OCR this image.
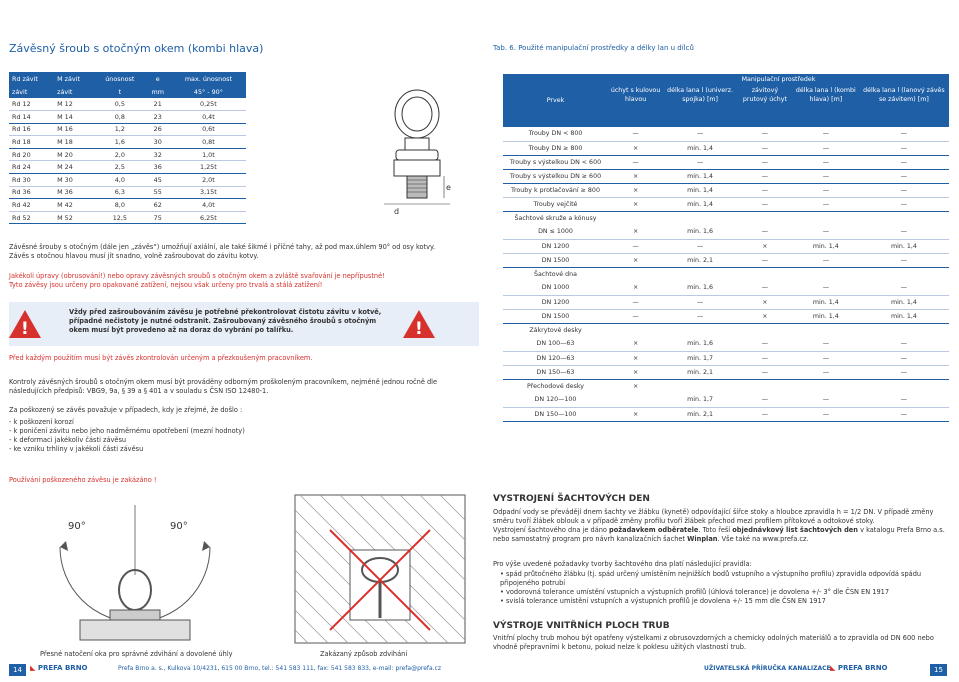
Závěsný šroub s otočným okem (kombi hlava)	Tab. 6. Použité manipulační prostředky a délky lan u dílců
Rd závit	M závit	únosnost	e	max. únosnost
závit	závit	t	mm	45° - 90°
Rd 12	M 12	0,5	21	0,25t
Rd 14	M 14	0,8	23	0,4t
Rd 16	M 16	1,2	26	0,6t
Rd 18	M 18	1,6	30	0,8t
Rd 20	M 20	2,0	32	1,0t
Rd 24	M 24	2,5	36	1,25t
Rd 30	M 30	4,0	45	2,0t
Rd 36	M 36	6,3	55	3,15t
Rd 42	M 42	8,0	62	4,0t
Rd 52	M 52	12,5	75	6,25t
e
d
Závěsné šrouby s otočným (dále jen „závěs“) umožňují axiální, ale také šikmé i příčné tahy, až pod max.úhlem 90° od osy kotvy.
Závěs s otočnou hlavou musí jít snadno, volně zašroubovat do závitu kotvy.
Jakékoli úpravy (obrusování!) nebo opravy závěsných sroubů s otočným okem a zvláště svařování je nepřípustné!
Tyto závěsy jsou určeny pro opakované zatížení, nejsou však určeny pro trvalá a stálá zatížení!
!	!
Vždy před zašroubováním závěsu je potřebné překontrolovat čistotu závitu v kotvě, případné nečistoty je nutné odstranit. Zašroubovaný závěsného šroubů s otočným okem musí být provedeno až na doraz do vybrání po talířku.
Před každým použitím musí být závěs zkontrolován určeným a přezkoušeným pracovníkem.
Kontroly závěsných šroubů s otočným okem musí být prováděny odborným proškoleným pracovníkem, nejméně jednou ročně dle následujících předpisů: VBG9, 9a, § 39 a § 401 a v souladu s ČSN ISO 12480-1.
Za poškozený se závěs považuje v případech, kdy je zřejmé, že došlo :
- k poškození korozí
- k poničení závitu nebo jeho nadměrnému opotřebení (mezní hodnoty)
- k deformaci jakékoliv části závěsu
- ke vzniku trhliny v jakékoli části závěsu
Používání poškozeného závěsu je zakázáno !
90°	90°
Přesné natočení oka pro správné zdvihání a dovolené úhly	Zakázaný způsob zdvihání
Prvek	Manipulační prostředek				
	úchyt s kulovou hlavou	délka lana l (univerz. spojka) [m]	závitový prutový úchyt	délka lana l (kombi hlava) [m]	délka lana l (lanový závěs se závitem) [m]
Trouby DN < 800	—	—	—	—	—
Trouby DN ≥ 800	×	min. 1,4	—	—	—
Trouby s výstelkou DN < 600	—	—	—	—	—
Trouby s výstelkou DN ≥ 600	×	min. 1,4	—	—	—
Trouby k protlačování ≥ 800	×	min. 1,4	—	—	—
Trouby vejčité	×	min. 1,4	—	—	—
Šachtové skruže a kónusy					
DN ≤ 1000	×	min. 1,6	—	—	—
DN 1200	—	—	×	min. 1,4	min. 1,4
DN 1500	×	min. 2,1	—	—	—
Šachtové dna					
DN 1000	×	min. 1,6	—	—	—
DN 1200	—	—	×	min. 1,4	min. 1,4
DN 1500	—	—	×	min. 1,4	min. 1,4
Zákrytové desky					
DN 100—63	×	min. 1,6	—	—	—
DN 120—63	×	min. 1,7	—	—	—
DN 150—63	×	min. 2,1	—	—	—
Přechodové desky	×				
DN 120—100		min. 1,7	—	—	—
DN 150—100	×	min. 2,1	—	—	—
VYSTROJENÍ ŠACHTOVÝCH DEN
Odpadní vody se převádějí dnem šachty ve žlábku (kynetě) odpovídající šířce stoky a hloubce zpravidla h = 1/2 DN. V případě změny směru tvoří žlábek oblouk a v případě změny profilu tvoří žlábek přechod mezi profilem přítokové a odtokové stoky.
Vystrojení šachtového dna je dáno požadavkem odběratele. Toto řeší objednávkový list šachtových den v katalogu Prefa Brno a.s. nebo samostatný program pro návrh kanalizačních šachet Winplan. Vše také na www.prefa.cz.
Pro výše uvedené požadavky tvorby šachtového dna platí následující pravidla:
• spád průtočného žlábku (tj. spád určený umístěním nejnižších bodů vstupního a výstupního profilu) zpravidla odpovídá spádu připojeného potrubí
• vodorovná tolerance umístění vstupních a výstupních profilů (úhlová tolerance) je dovolena +/- 3° dle ČSN EN 1917
• svislá tolerance umístění vstupních a výstupních profilů je dovolena +/- 15 mm dle ČSN EN 1917
VÝSTROJE VNITŘNÍCH PLOCH TRUB
Vnitřní plochy trub mohou být opatřeny výstelkami z obrusovzdorných a chemicky odolných materiálů a to zpravidla od DN 600 nebo vhodně přepravními k betonu, pokud nelze k poklesu užitých vlastností trub.
14	◣ PREFA BRNO	Prefa Brno a. s., Kulkova 10/4231, 615 00 Brno, tel.: 541 583 111, fax: 541 583 833, e-mail: prefa@prefa.cz	UŽIVATELSKÁ PŘÍRUČKA KANALIZACE ◣ PREFA BRNO	15
